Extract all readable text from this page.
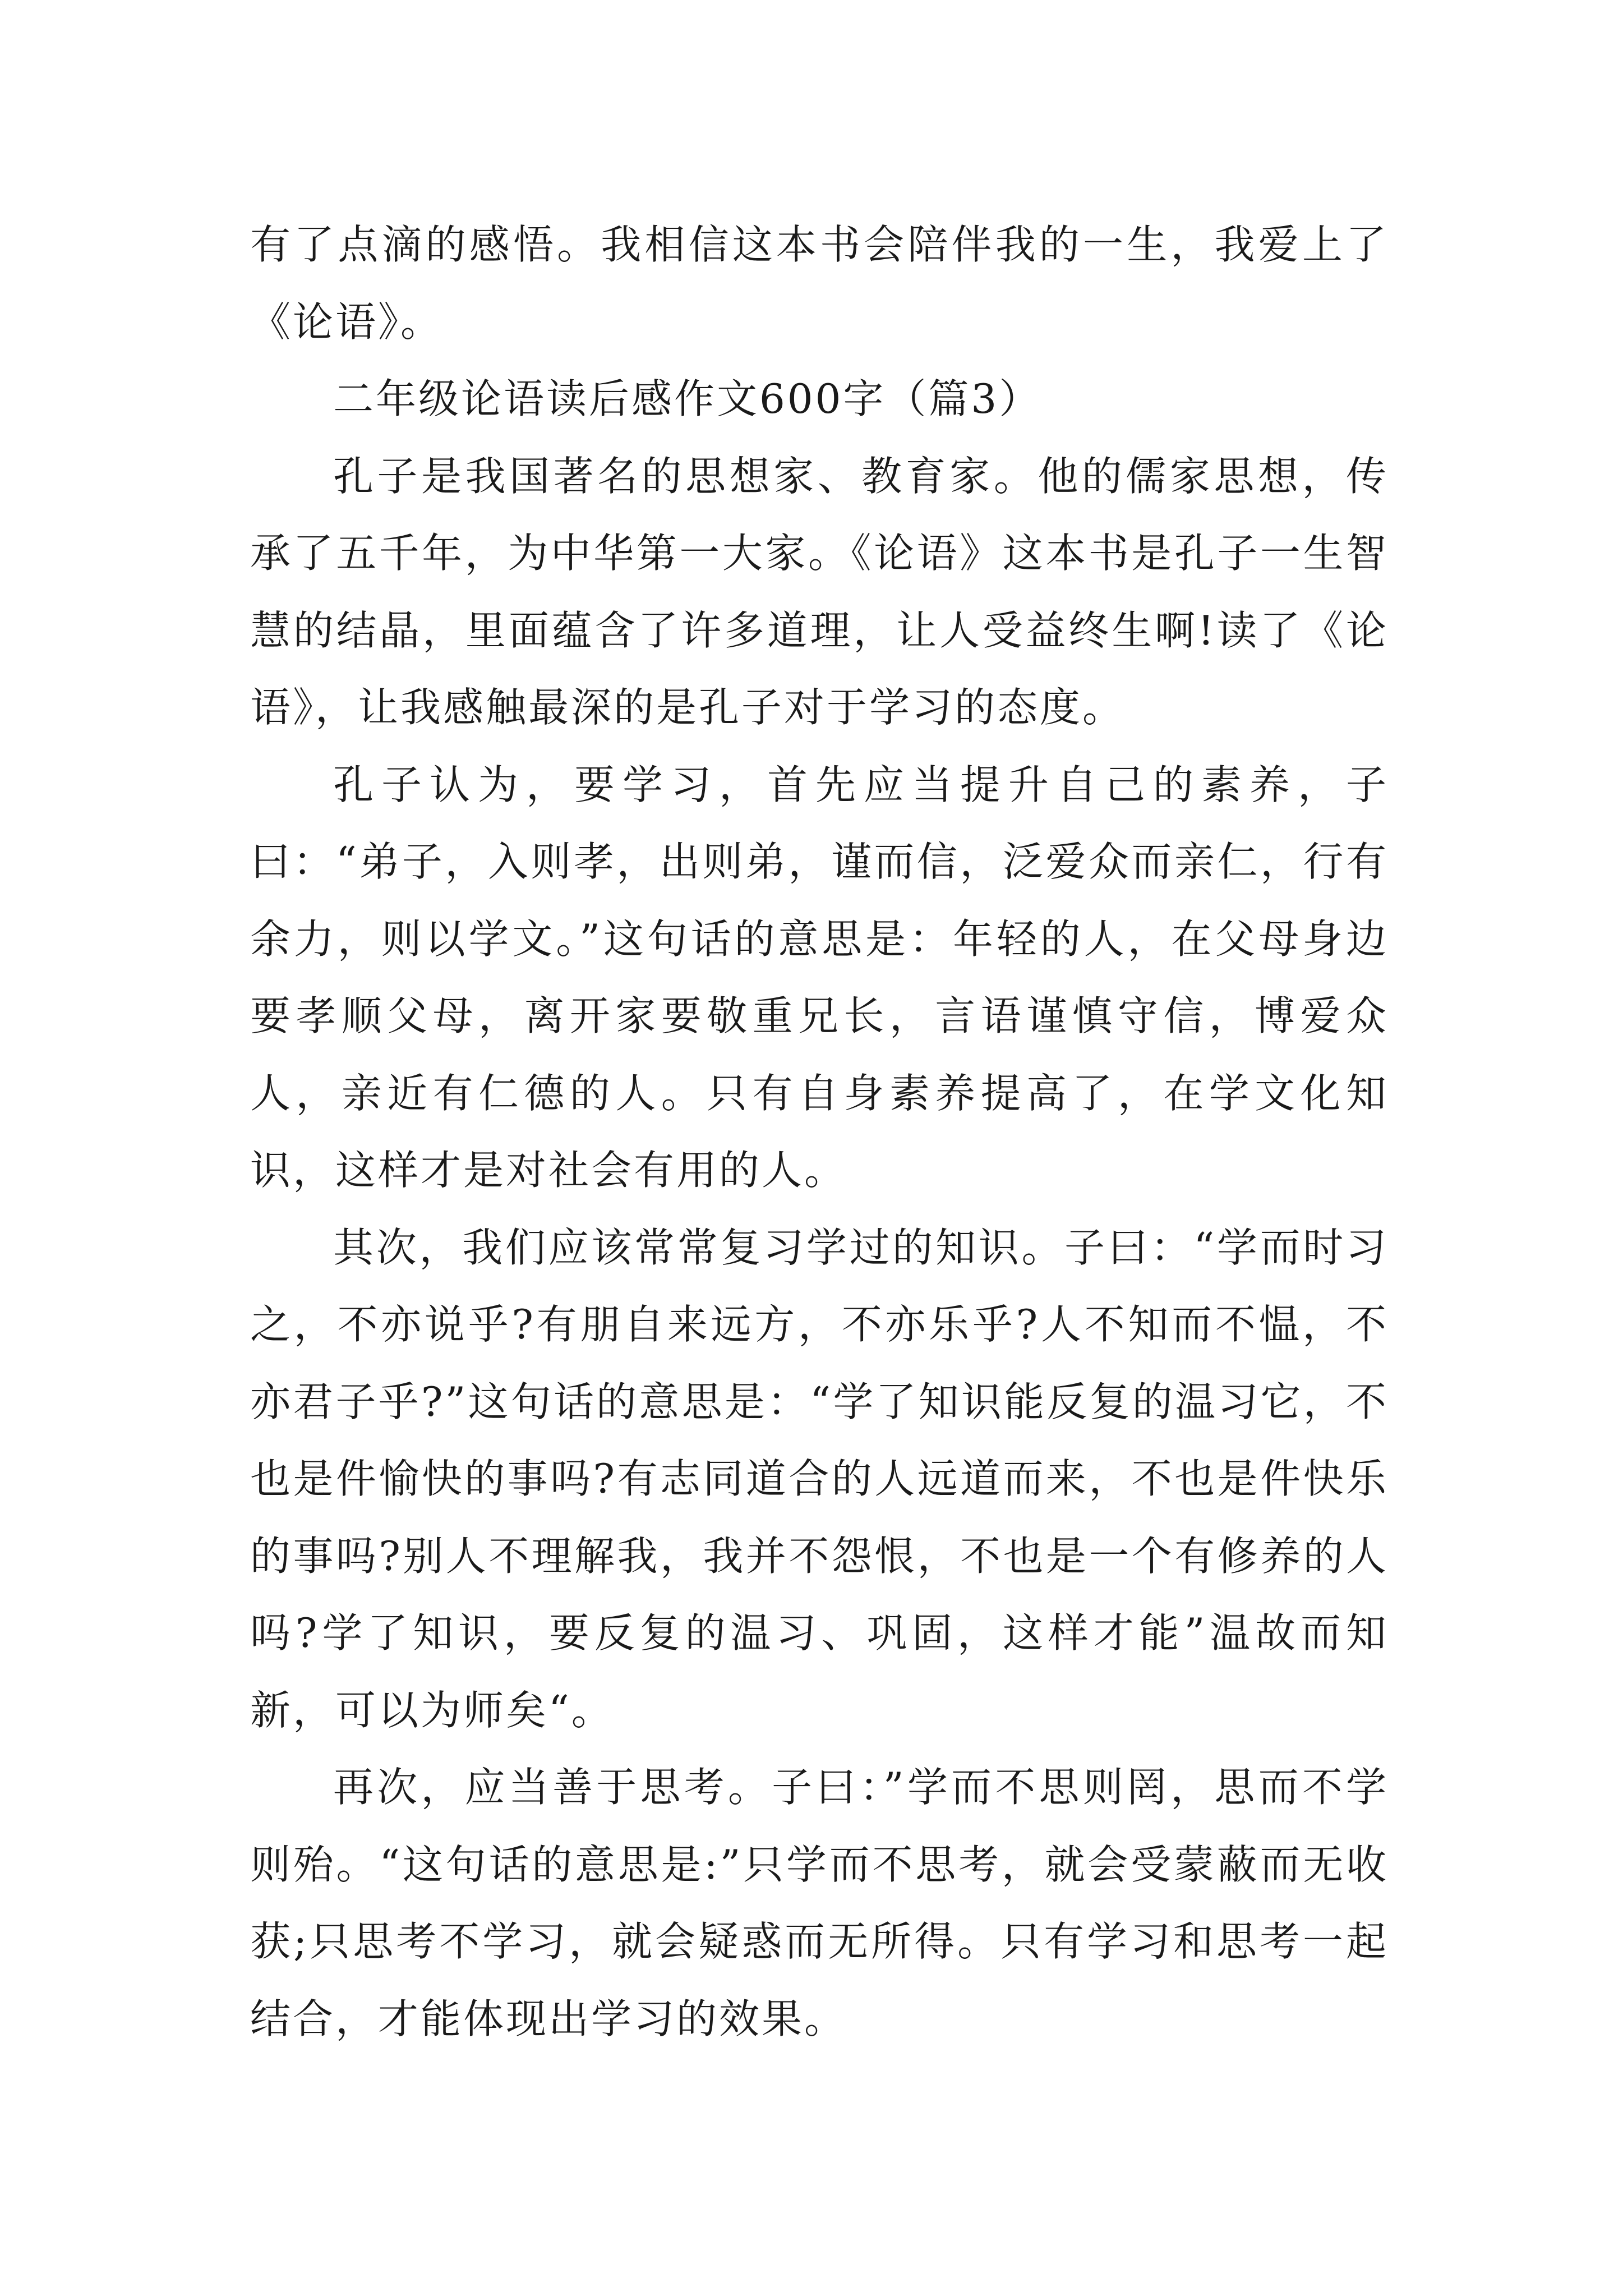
有了点滴的感悟。我相信这本书会陪伴我的一生，我爱上了《论语》。

二年级论语读后感作文600字（篇3）

孔子是我国著名的思想家、教育家。他的儒家思想，传承了五千年，为中华第一大家。《论语》这本书是孔子一生智慧的结晶，里面蕴含了许多道理，让人受益终生啊!读了《论语》，让我感触最深的是孔子对于学习的态度。

孔子认为，要学习，首先应当提升自己的素养，子曰：“弟子，入则孝，出则弟，谨而信，泛爱众而亲仁，行有余力，则以学文。”这句话的意思是：年轻的人，在父母身边要孝顺父母，离开家要敬重兄长，言语谨慎守信，博爱众人，亲近有仁德的人。只有自身素养提高了，在学文化知识，这样才是对社会有用的人。

其次，我们应该常常复习学过的知识。子曰：“学而时习之，不亦说乎?有朋自来远方，不亦乐乎?人不知而不愠，不亦君子乎?”这句话的意思是：“学了知识能反复的温习它，不也是件愉快的事吗?有志同道合的人远道而来，不也是件快乐的事吗?别人不理解我，我并不怨恨，不也是一个有修养的人吗?学了知识，要反复的温习、巩固，这样才能”温故而知新，可以为师矣“。

再次，应当善于思考。子曰：”学而不思则罔，思而不学则殆。“这句话的意思是:”只学而不思考，就会受蒙蔽而无收获;只思考不学习，就会疑惑而无所得。只有学习和思考一起结合，才能体现出学习的效果。
